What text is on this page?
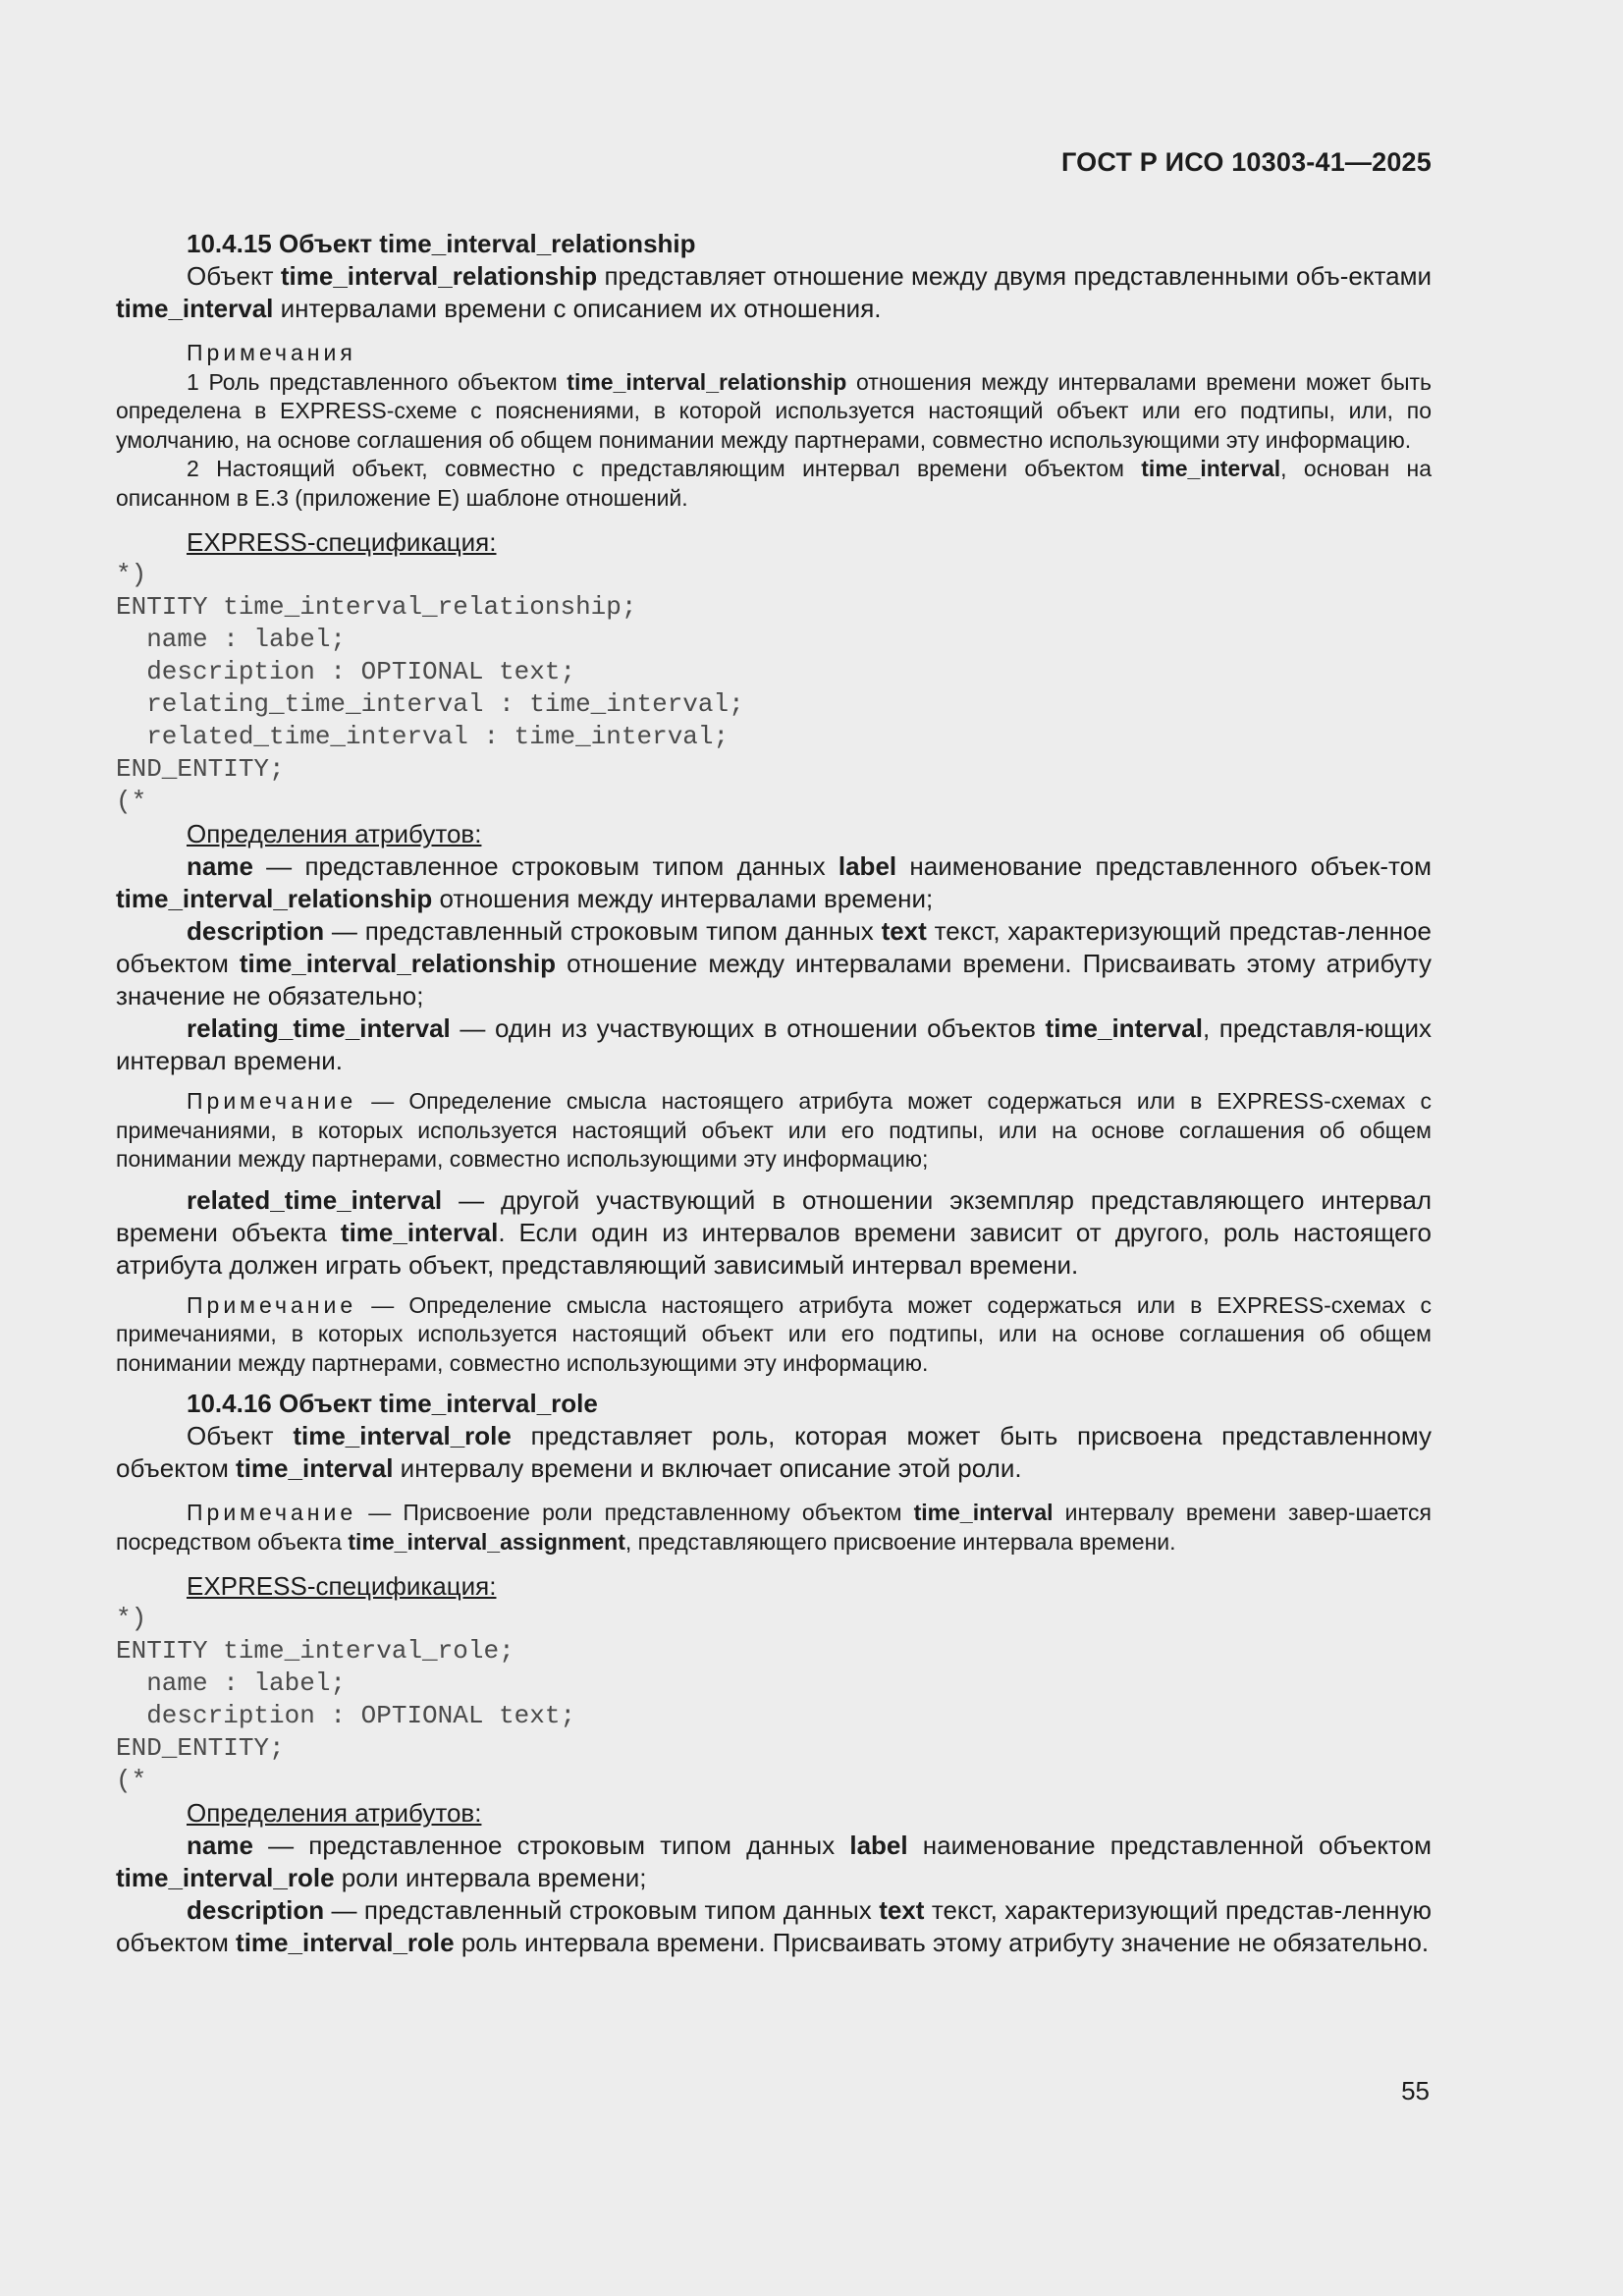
ГОСТ Р ИСО 10303-41—2025
10.4.15 Объект time_interval_relationship
Объект time_interval_relationship представляет отношение между двумя представленными объ-ектами time_interval интервалами времени с описанием их отношения.
Примечания
1 Роль представленного объектом time_interval_relationship отношения между интервалами времени может быть определена в EXPRESS-схеме с пояснениями, в которой используется настоящий объект или его подтипы, или, по умолчанию, на основе соглашения об общем понимании между партнерами, совместно использующими эту информацию.
2 Настоящий объект, совместно с представляющим интервал времени объектом time_interval, основан на описанном в E.3 (приложение E) шаблоне отношений.
EXPRESS-спецификация:
*)
ENTITY time_interval_relationship;
name : label;
description : OPTIONAL text;
relating_time_interval : time_interval;
related_time_interval : time_interval;
END_ENTITY;
(*
Определения атрибутов:
name — представленное строковым типом данных label наименование представленного объек-том time_interval_relationship отношения между интервалами времени;
description — представленный строковым типом данных text текст, характеризующий представ-ленное объектом time_interval_relationship отношение между интервалами времени. Присваивать этому атрибуту значение не обязательно;
relating_time_interval — один из участвующих в отношении объектов time_interval, представля-ющих интервал времени.
Примечание — Определение смысла настоящего атрибута может содержаться или в EXPRESS-схемах с примечаниями, в которых используется настоящий объект или его подтипы, или на основе соглашения об общем понимании между партнерами, совместно использующими эту информацию;
related_time_interval — другой участвующий в отношении экземпляр представляющего интервал времени объекта time_interval. Если один из интервалов времени зависит от другого, роль настоящего атрибута должен играть объект, представляющий зависимый интервал времени.
Примечание — Определение смысла настоящего атрибута может содержаться или в EXPRESS-схемах с примечаниями, в которых используется настоящий объект или его подтипы, или на основе соглашения об общем понимании между партнерами, совместно использующими эту информацию.
10.4.16 Объект time_interval_role
Объект time_interval_role представляет роль, которая может быть присвоена представленному объектом time_interval интервалу времени и включает описание этой роли.
Примечание — Присвоение роли представленному объектом time_interval интервалу времени завер-шается посредством объекта time_interval_assignment, представляющего присвоение интервала времени.
EXPRESS-спецификация:
*)
ENTITY time_interval_role;
name : label;
description : OPTIONAL text;
END_ENTITY;
(*
Определения атрибутов:
name — представленное строковым типом данных label наименование представленной объектом time_interval_role роли интервала времени;
description — представленный строковым типом данных text текст, характеризующий представ-ленную объектом time_interval_role роль интервала времени. Присваивать этому атрибуту значение не обязательно.
55
